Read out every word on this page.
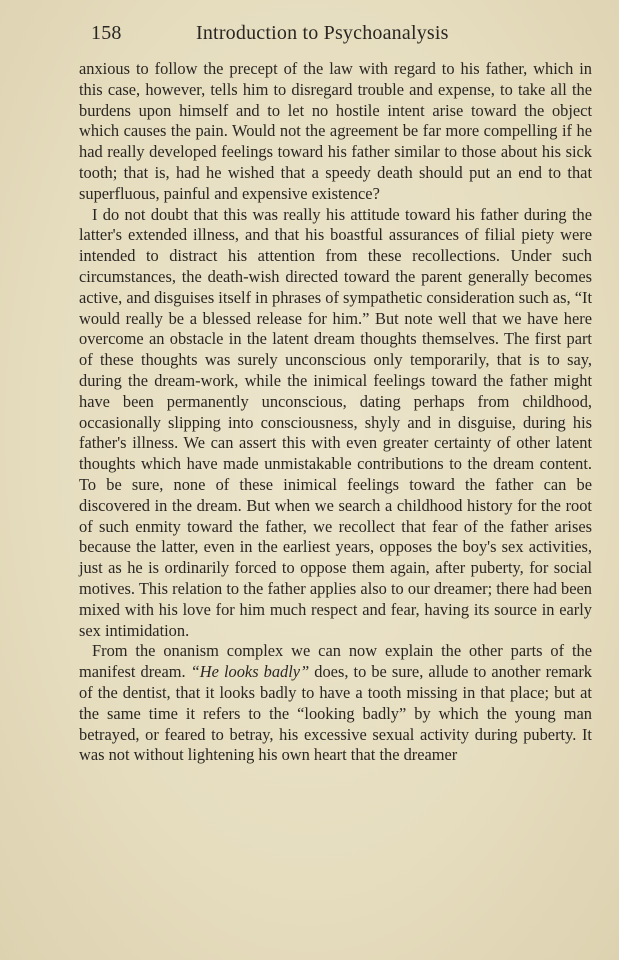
158	Introduction to Psychoanalysis

anxious to follow the precept of the law with regard to his father, which in this case, however, tells him to disregard trouble and expense, to take all the burdens upon himself and to let no hostile intent arise toward the object which causes the pain. Would not the agreement be far more compelling if he had really developed feelings toward his father similar to those about his sick tooth; that is, had he wished that a speedy death should put an end to that superfluous, painful and expensive existence?

I do not doubt that this was really his attitude toward his father during the latter's extended illness, and that his boastful assurances of filial piety were intended to distract his attention from these recollections. Under such circumstances, the death-wish directed toward the parent generally becomes active, and disguises itself in phrases of sympathetic consideration such as, “It would really be a blessed release for him.” But note well that we have here overcome an obstacle in the latent dream thoughts themselves. The first part of these thoughts was surely unconscious only temporarily, that is to say, during the dream-work, while the inimical feelings toward the father might have been permanently unconscious, dating perhaps from childhood, occasionally slipping into consciousness, shyly and in disguise, during his father's illness. We can assert this with even greater certainty of other latent thoughts which have made unmistakable contributions to the dream content. To be sure, none of these inimical feelings toward the father can be discovered in the dream. But when we search a childhood history for the root of such enmity toward the father, we recollect that fear of the father arises because the latter, even in the earliest years, opposes the boy's sex activities, just as he is ordinarily forced to oppose them again, after puberty, for social motives. This relation to the father applies also to our dreamer; there had been mixed with his love for him much respect and fear, having its source in early sex intimidation.

From the onanism complex we can now explain the other parts of the manifest dream. “He looks badly” does, to be sure, allude to another remark of the dentist, that it looks badly to have a tooth missing in that place; but at the same time it refers to the “looking badly” by which the young man betrayed, or feared to betray, his excessive sexual activity during puberty. It was not without lightening his own heart that the dreamer
